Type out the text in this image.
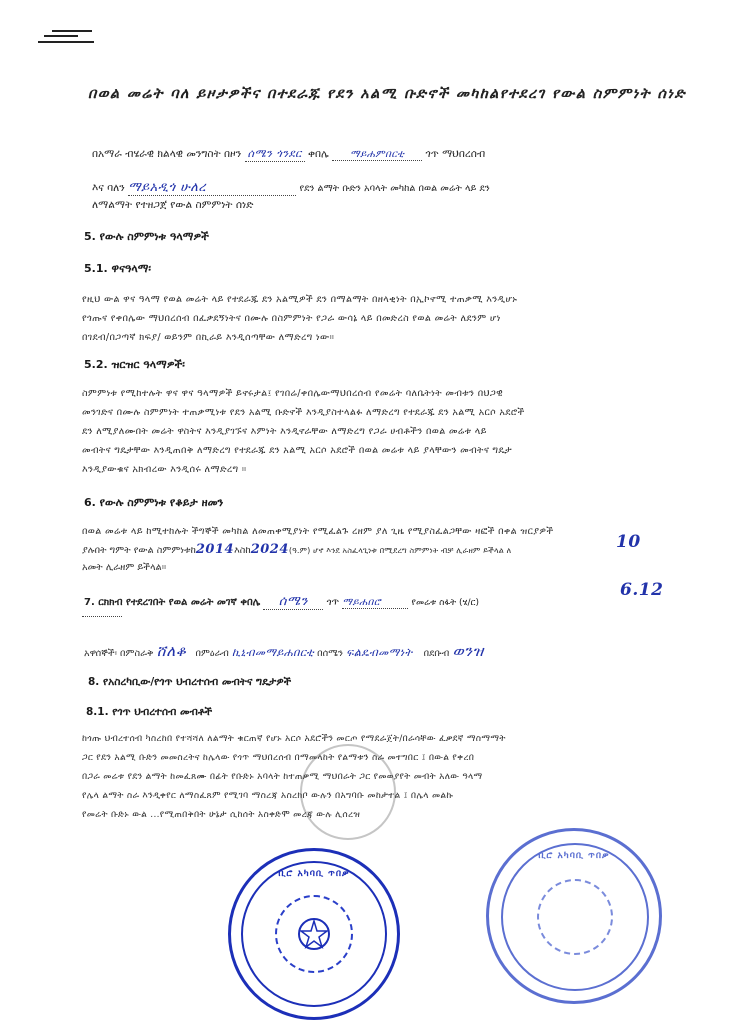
በወል መሬት ባለ ይዞታዎችና በተደራጁ የደን አልሚ ቡድኖች መካከልየተደረገ የውል ስምምነት ሰነድ
በአማራ ብሄራዊ ክልላዊ መንግስት በዞን ሰሜን ጎንደር ቀበሌ ማይሐምበርቲ ጎጥ ማህበረሰብ
እና ባለን ማይአዲጎ ሁለረ	የደን ልማት ቡድን አባላት መካከል በወል መሬት ላይ ደን
ለማልማት የተዘጋጀ የውል ስምምነት ሰነድ
5. የውሉ ስምምነቱ ዓላማዎች
5.1. ዋናዓላማ፡
የዚህ ውል ዋና ዓላማ የወል መሬት ላይ የተደራጁ ደን አልሚዎች ደን በማልማት በዘላቂነት በኢኮኖሚ ተጠቃሚ እንዲሆኑ
የጎጡና የቀበሌው ማህበረሰብ በፈቃደኝነትና በሙሉ በስምምነት የጋራ ውሳኔ ላይ በመድረስ የወል መሬት ለደንም ሆነ
በገደብ/በጋጣኛ ክፍያ/ ወይንም በኪራይ እንዲሰጣቸው ለማድረግ ነው።
5.2. ዝርዝር ዓላማዎች፡
ስምምነቱ የሚከተሉት ዋና ዋና ዓላማዎች ይኖሩታል፤ የገበሬ/ቀበሌውማህበረሰብ የመሬት ባለቤትነት መብቱን በህጋዊ
መንገድና በሙሉ ስምምነት ተጠቃሚነቱ የደን አልሚ ቡድኖች እንዲያስተላልፉ ለማድረግ የተደራጁ ደን አልሚ አርሶ አደሮች
ደን ለሚያለሙበት መሬት ዋስትና እንዲያገኙና እምነት እንዲኖራቸው ለማድረግ የጋራ ሀብቶችን በወል መሬቱ ላይ
መብትና ግዴታቸው እንዲጠበቅ ለማድረግ የተደራጁ ደን አልሚ አርሶ አደሮች በወል መሬቱ ላይ ያላቸውን መብትና ግዴታ
እንዲያውቁና አክብረው እንዲሰሩ ለማድረግ ።
6. የውሉ ስምምነቱ የቆይታ ዘመን
በወል መሬቱ ላይ ከሚተከሉት ችግኞች መካከል ለመጠቀሚያነት የሚፈልጉ ረዘም ያለ ጊዜ የሚያስፈልጋቸው ዛፎች በቀል ዝርያዎች
ያሉበት ግምት የውል ስምምነቱከ2014እስከ2024(ዓ.ም) ሆኖ እንደ አስፈላጊነቱ በሚደረግ ስምምነት ብቻ ሊራዘም ይችላል ለ	10
አመት ሊራዘም ይችላል።
7. ርክክብ የተደረገበት የወል መሬት መገኛ ቀበሌ ሰሜን ጎጥ ማይሐበሮ	የመሬቱ ስፋት (ሄ/ር)
6.12
አዋሰኞች፡ በምስራቅ ሸለቆ በምዕራብ ኪኒብመማይሐበርቲ በሰሜን ፍልዴብመማነት በደቡብ ወንዝ
8. የአስረካቢው/የጎጥ ህብረተሰብ መብትና ግዴታዎች
8.1. የጎጥ ህብረተሰብ መብቶች
ከጎጡ ህብረተሰብ ካስረከበ የተሻሻለ ለልማት ቁርጠኛ የሆኑ አርሶ አደሮችን መርጦ የማደራጀት/በራሳቸው ፈቃደኛ ማስማማት
ጋር የደን አልሚ ቡድን መመስረትና ከሌላው የጎጥ ማህበረሰብ በማመላከት የልማቱን ስራ መተግበር ፤ በውል የቀረበ
በጋራ መሬቱ የደን ልማት ከመፈጸሙ በፊት የቡድኑ አባላት ከተጠቃሚ ማህበራት ጋር የመወያየት መብት አለው ዓላማ
የሌላ ልማት ስራ እንዲቀየር ለማስፈጸም የሚገባ ማስረጃ አስረክቦ ውሉን በአግባቡ መከታተል ፤ በሌላ መልኩ
የመሬት ቡድኑ ውል ...የሚጠበቅበት ሁኔታ ሲከሰት አስቀድሞ መረጃ ውሉ ሊሰረዝ
ቢሮ አካባቢ ጥበቃ
ቢሮ አካባቢ ጥበቃ
